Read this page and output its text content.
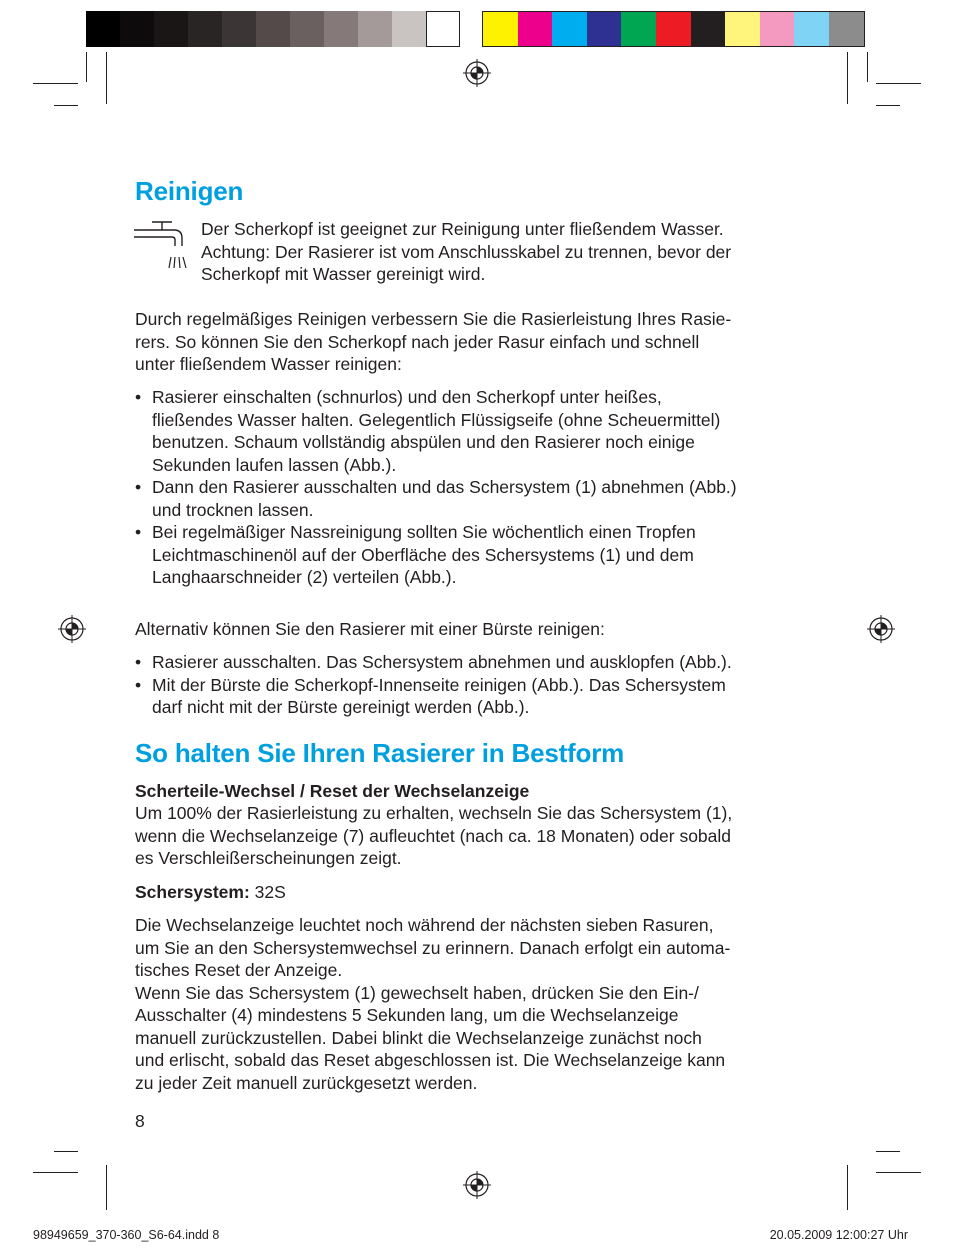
Reinigen

Der Scherkopf ist geeignet zur Reinigung unter fließendem Wasser.
Achtung: Der Rasierer ist vom Anschlusskabel zu trennen, bevor der
Scherkopf mit Wasser gereinigt wird.

Durch regelmäßiges Reinigen verbessern Sie die Rasierleistung Ihres Rasie-
rers. So können Sie den Scherkopf nach jeder Rasur einfach und schnell
unter fließendem Wasser reinigen:

• Rasierer einschalten (schnurlos) und den Scherkopf unter heißes,
fließendes Wasser halten. Gelegentlich Flüssigseife (ohne Scheuermittel)
benutzen. Schaum vollständig abspülen und den Rasierer noch einige
Sekunden laufen lassen (Abb.).
• Dann den Rasierer ausschalten und das Schersystem (1) abnehmen (Abb.)
und trocknen lassen.
• Bei regelmäßiger Nassreinigung sollten Sie wöchentlich einen Tropfen
Leichtmaschinenöl auf der Oberfläche des Schersystems (1) und dem
Langhaarschneider (2) verteilen (Abb.).

Alternativ können Sie den Rasierer mit einer Bürste reinigen:

• Rasierer ausschalten. Das Schersystem abnehmen und ausklopfen (Abb.).
• Mit der Bürste die Scherkopf-Innenseite reinigen (Abb.). Das Schersystem
darf nicht mit der Bürste gereinigt werden (Abb.).
So halten Sie Ihren Rasierer in Bestform

Scherteile-Wechsel / Reset der Wechselanzeige

Um 100% der Rasierleistung zu erhalten, wechseln Sie das Schersystem (1),
wenn die Wechselanzeige (7) aufleuchtet (nach ca. 18 Monaten) oder sobald
es Verschleißerscheinungen zeigt.

Schersystem: 32S

Die Wechselanzeige leuchtet noch während der nächsten sieben Rasuren,
um Sie an den Schersystemwechsel zu erinnern. Danach erfolgt ein automa-
tisches Reset der Anzeige.
Wenn Sie das Schersystem (1) gewechselt haben, drücken Sie den Ein-/
Ausschalter (4) mindestens 5 Sekunden lang, um die Wechselanzeige
manuell zurückzustellen. Dabei blinkt die Wechselanzeige zunächst noch
und erlischt, sobald das Reset abgeschlossen ist. Die Wechselanzeige kann
zu jeder Zeit manuell zurückgesetzt werden.

8

98949659_370-360_S6-64.indd 8	20.05.2009 12:00:27 Uhr
